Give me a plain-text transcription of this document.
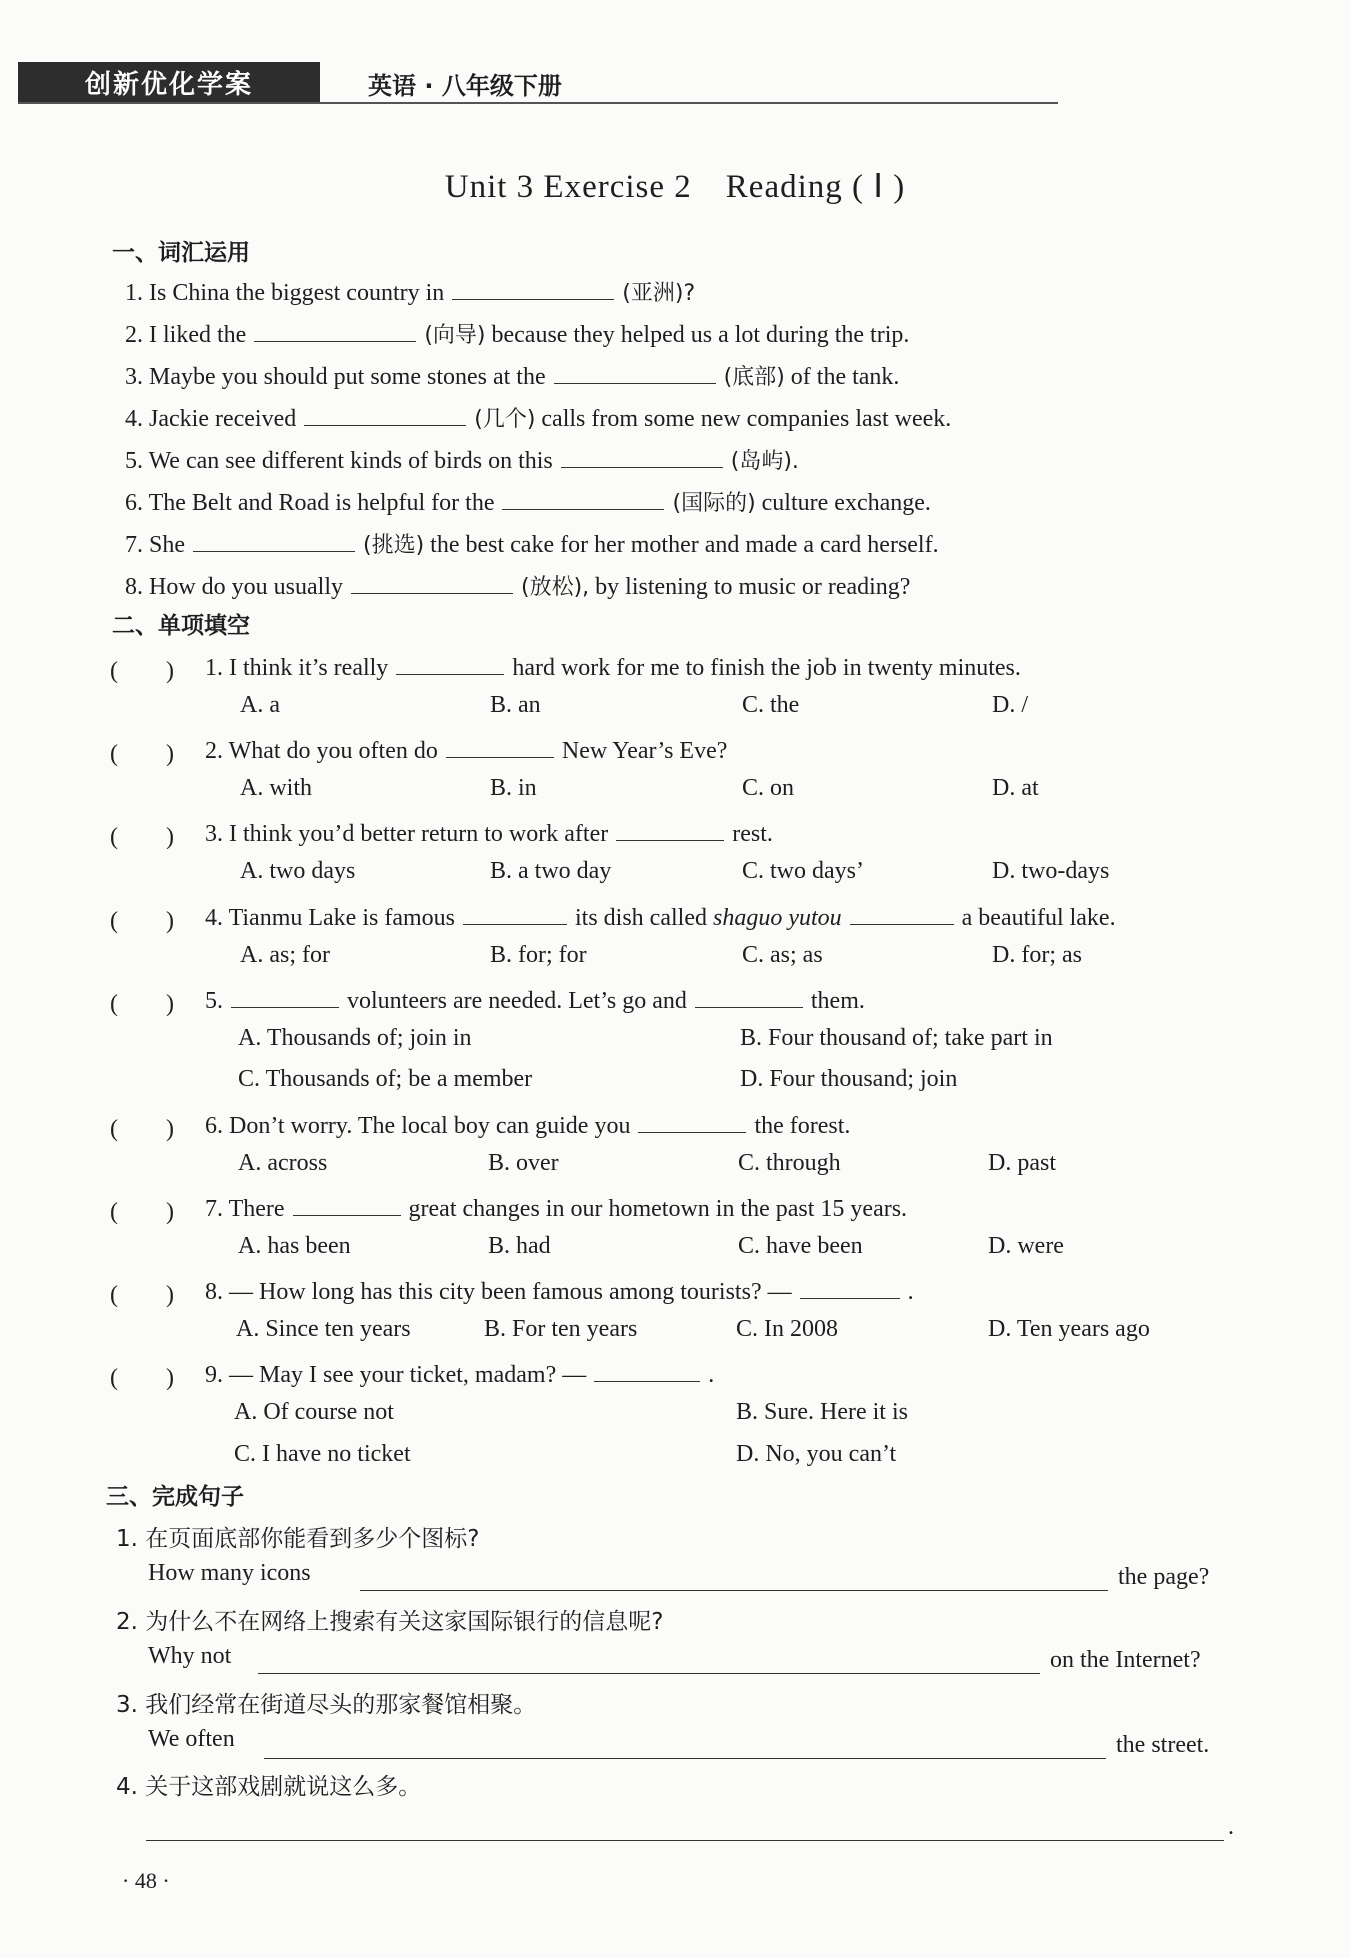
创新优化学案	英语 · 八年级下册
Unit 3 Exercise 2　Reading ( Ⅰ )
一、词汇运用
1. Is China the biggest country in	(亚洲)?
2. I liked the	(向导) because they helped us a lot during the trip.
3. Maybe you should put some stones at the	(底部) of the tank.
4. Jackie received	(几个) calls from some new companies last week.
5. We can see different kinds of birds on this	(岛屿).
6. The Belt and Road is helpful for the	(国际的) culture exchange.
7. She	(挑选) the best cake for her mother and made a card herself.
8. How do you usually	(放松), by listening to music or reading?
二、单项填空
(　　) 1. I think it’s really	hard work for me to finish the job in twenty minutes.
A. a	B. an	C. the	D. /
(　　) 2. What do you often do	New Year’s Eve?
A. with	B. in	C. on	D. at
(　　) 3. I think you’d better return to work after	rest.
A. two days	B. a two day	C. two days’	D. two-days
(　　) 4. Tianmu Lake is famous	its dish called shaguo yutou	a beautiful lake.
A. as; for	B. for; for	C. as; as	D. for; as
(　　) 5.	volunteers are needed. Let’s go and	them.
A. Thousands of; join in	B. Four thousand of; take part in
C. Thousands of; be a member	D. Four thousand; join
(　　) 6. Don’t worry. The local boy can guide you	the forest.
A. across	B. over	C. through	D. past
(　　) 7. There	great changes in our hometown in the past 15 years.
A. has been	B. had	C. have been	D. were
(　　) 8. — How long has this city been famous among tourists? —	.
A. Since ten years	B. For ten years	C. In 2008	D. Ten years ago
(　　) 9. — May I see your ticket, madam? —	.
A. Of course not	B. Sure. Here it is
C. I have no ticket	D. No, you can’t
三、完成句子
1. 在页面底部你能看到多少个图标?
How many icons	the page?
2. 为什么不在网络上搜索有关这家国际银行的信息呢?
Why not	on the Internet?
3. 我们经常在街道尽头的那家餐馆相聚。
We often	the street.
4. 关于这部戏剧就说这么多。
.
· 48 ·
